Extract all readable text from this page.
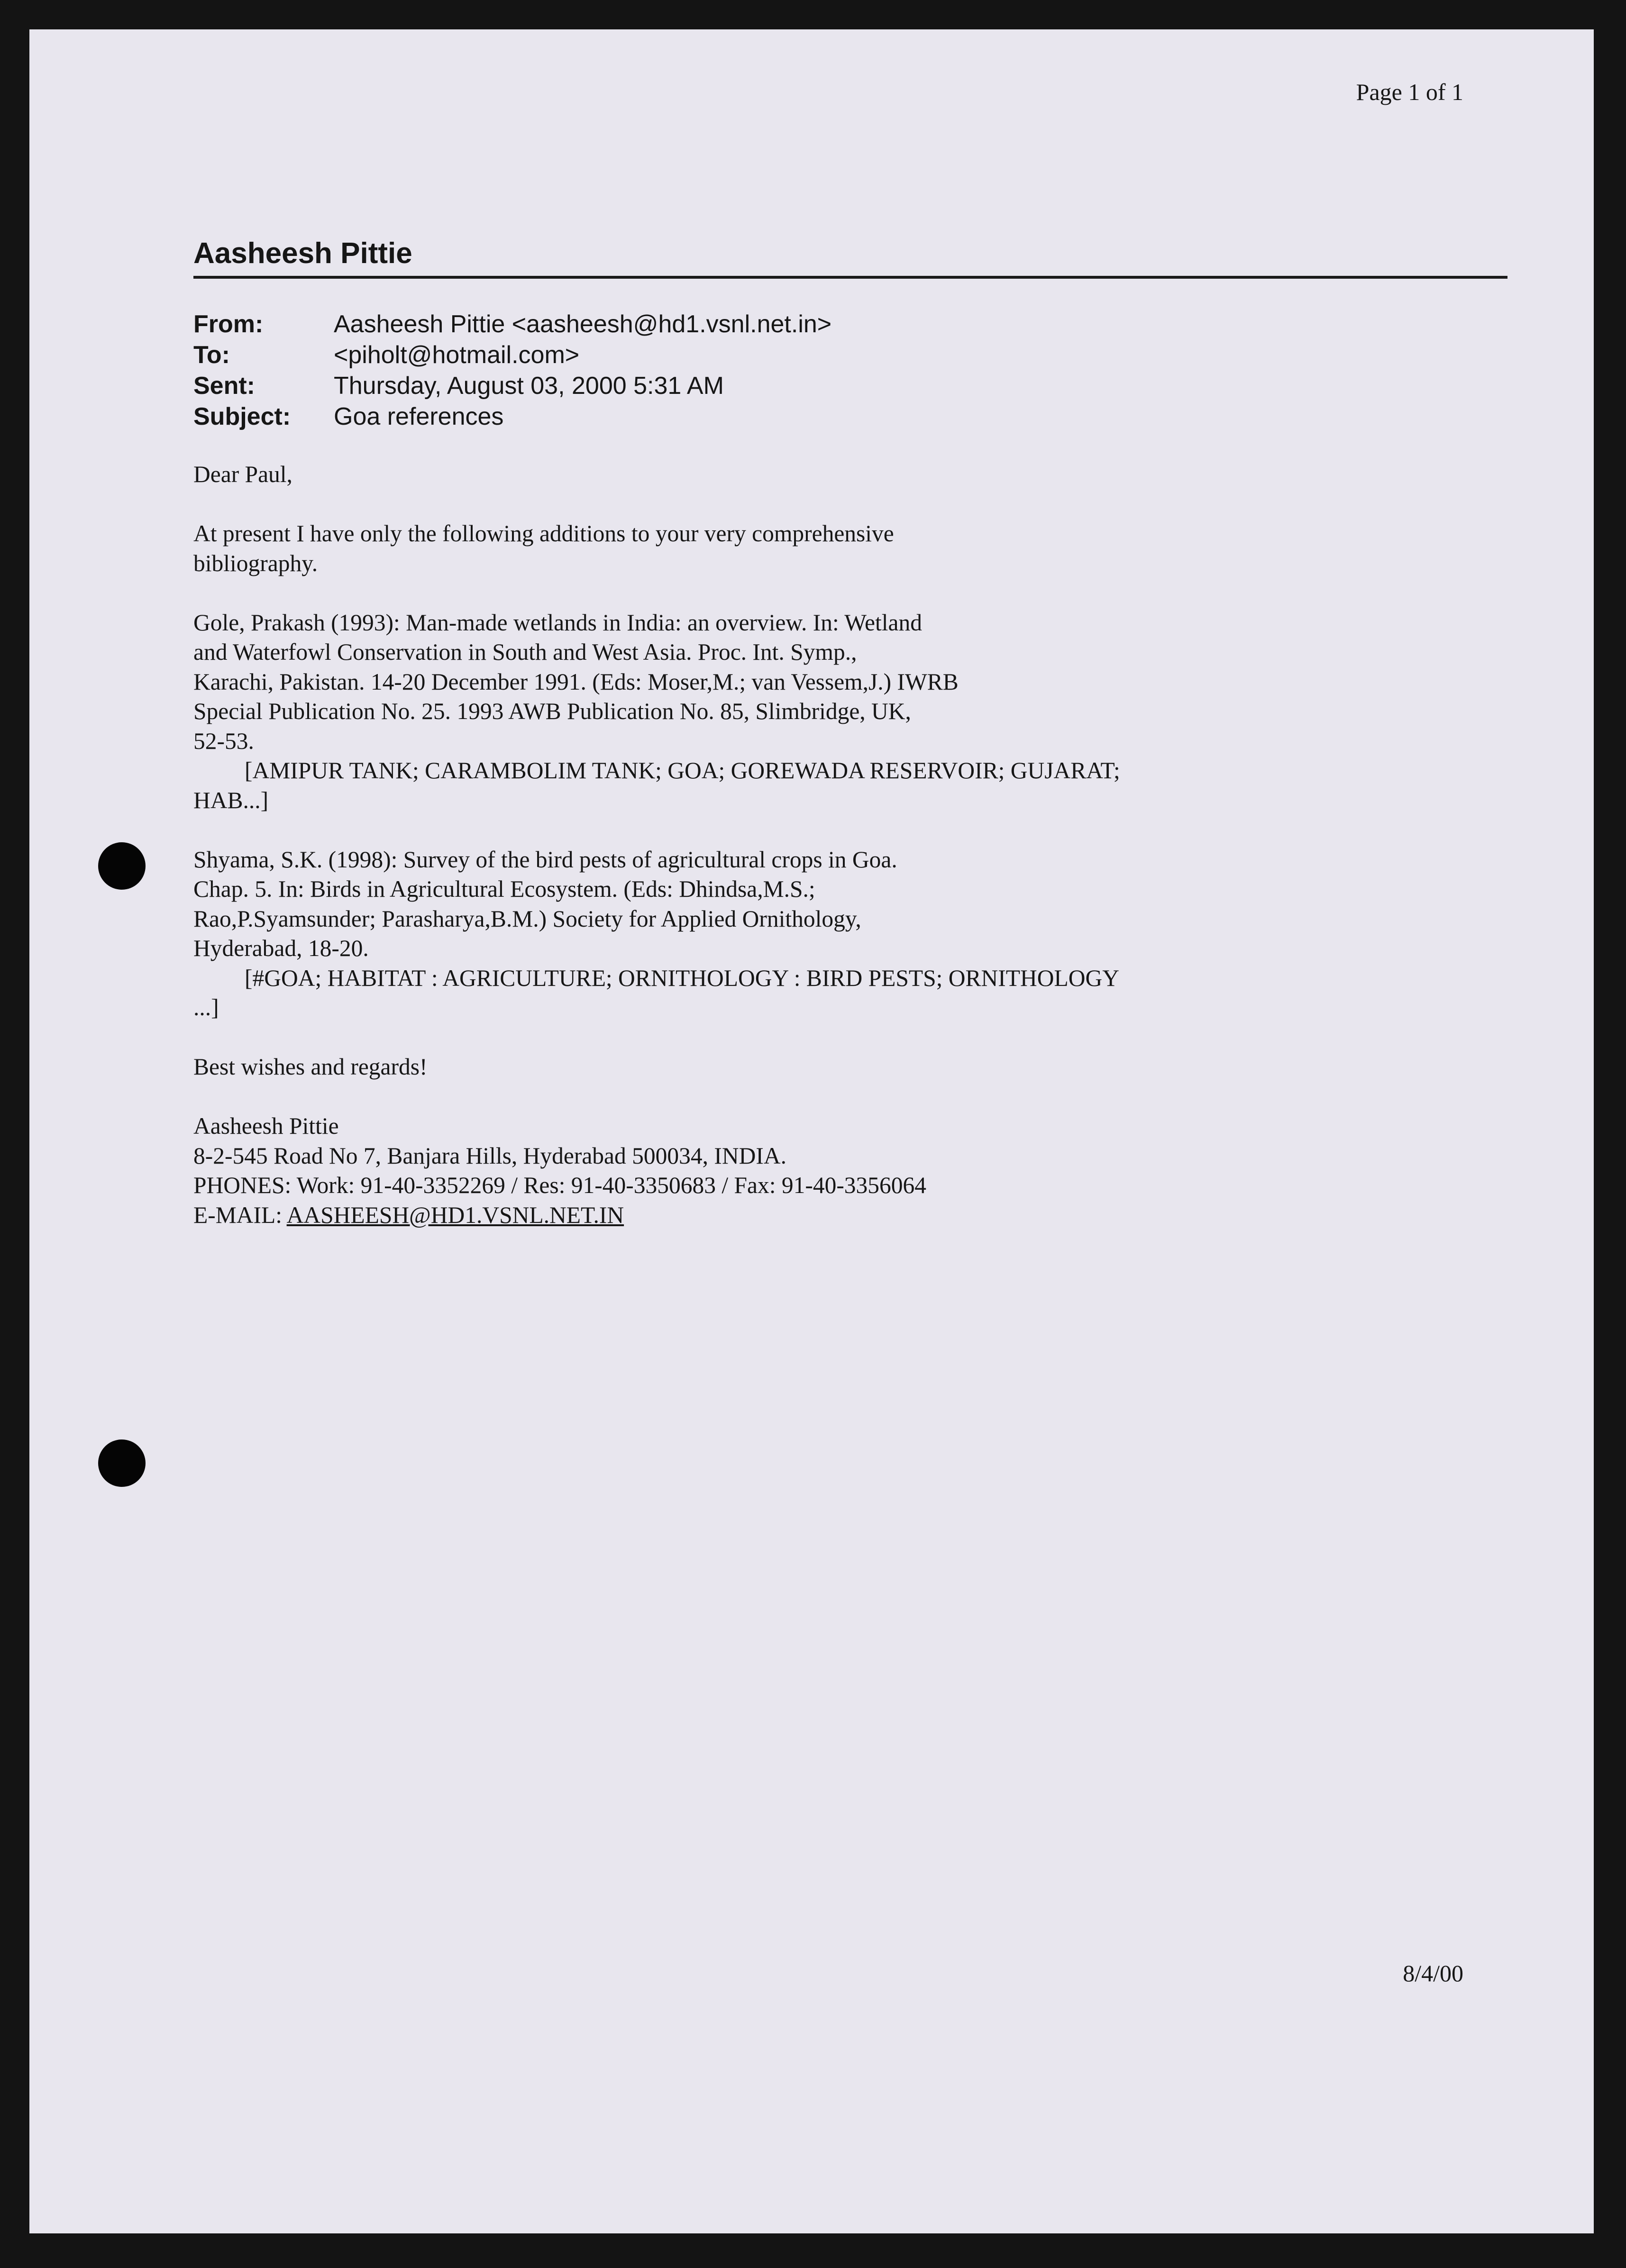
Page 1 of 1
Aasheesh Pittie
From:	Aasheesh Pittie <aasheesh@hd1.vsnl.net.in>
To:	<piholt@hotmail.com>
Sent:	Thursday, August 03, 2000 5:31 AM
Subject:	Goa references
Dear Paul,
At present I have only the following additions to your very comprehensive
bibliography.
Gole, Prakash (1993): Man-made wetlands in India: an overview. In: Wetland
and Waterfowl Conservation in South and West Asia. Proc. Int. Symp.,
Karachi, Pakistan. 14-20 December 1991. (Eds: Moser,M.; van Vessem,J.) IWRB
Special Publication No. 25. 1993 AWB Publication No. 85, Slimbridge, UK,
52-53.
[AMIPUR TANK; CARAMBOLIM TANK; GOA; GOREWADA RESERVOIR; GUJARAT;
HAB...]
Shyama, S.K. (1998): Survey of the bird pests of agricultural crops in Goa.
Chap. 5. In: Birds in Agricultural Ecosystem. (Eds: Dhindsa,M.S.;
Rao,P.Syamsunder; Parasharya,B.M.) Society for Applied Ornithology,
Hyderabad, 18-20.
[#GOA; HABITAT : AGRICULTURE; ORNITHOLOGY : BIRD PESTS; ORNITHOLOGY
...]
Best wishes and regards!
Aasheesh Pittie
8-2-545 Road No 7, Banjara Hills, Hyderabad 500034, INDIA.
PHONES: Work: 91-40-3352269 / Res: 91-40-3350683 / Fax: 91-40-3356064
E-MAIL: AASHEESH@HD1.VSNL.NET.IN
8/4/00
